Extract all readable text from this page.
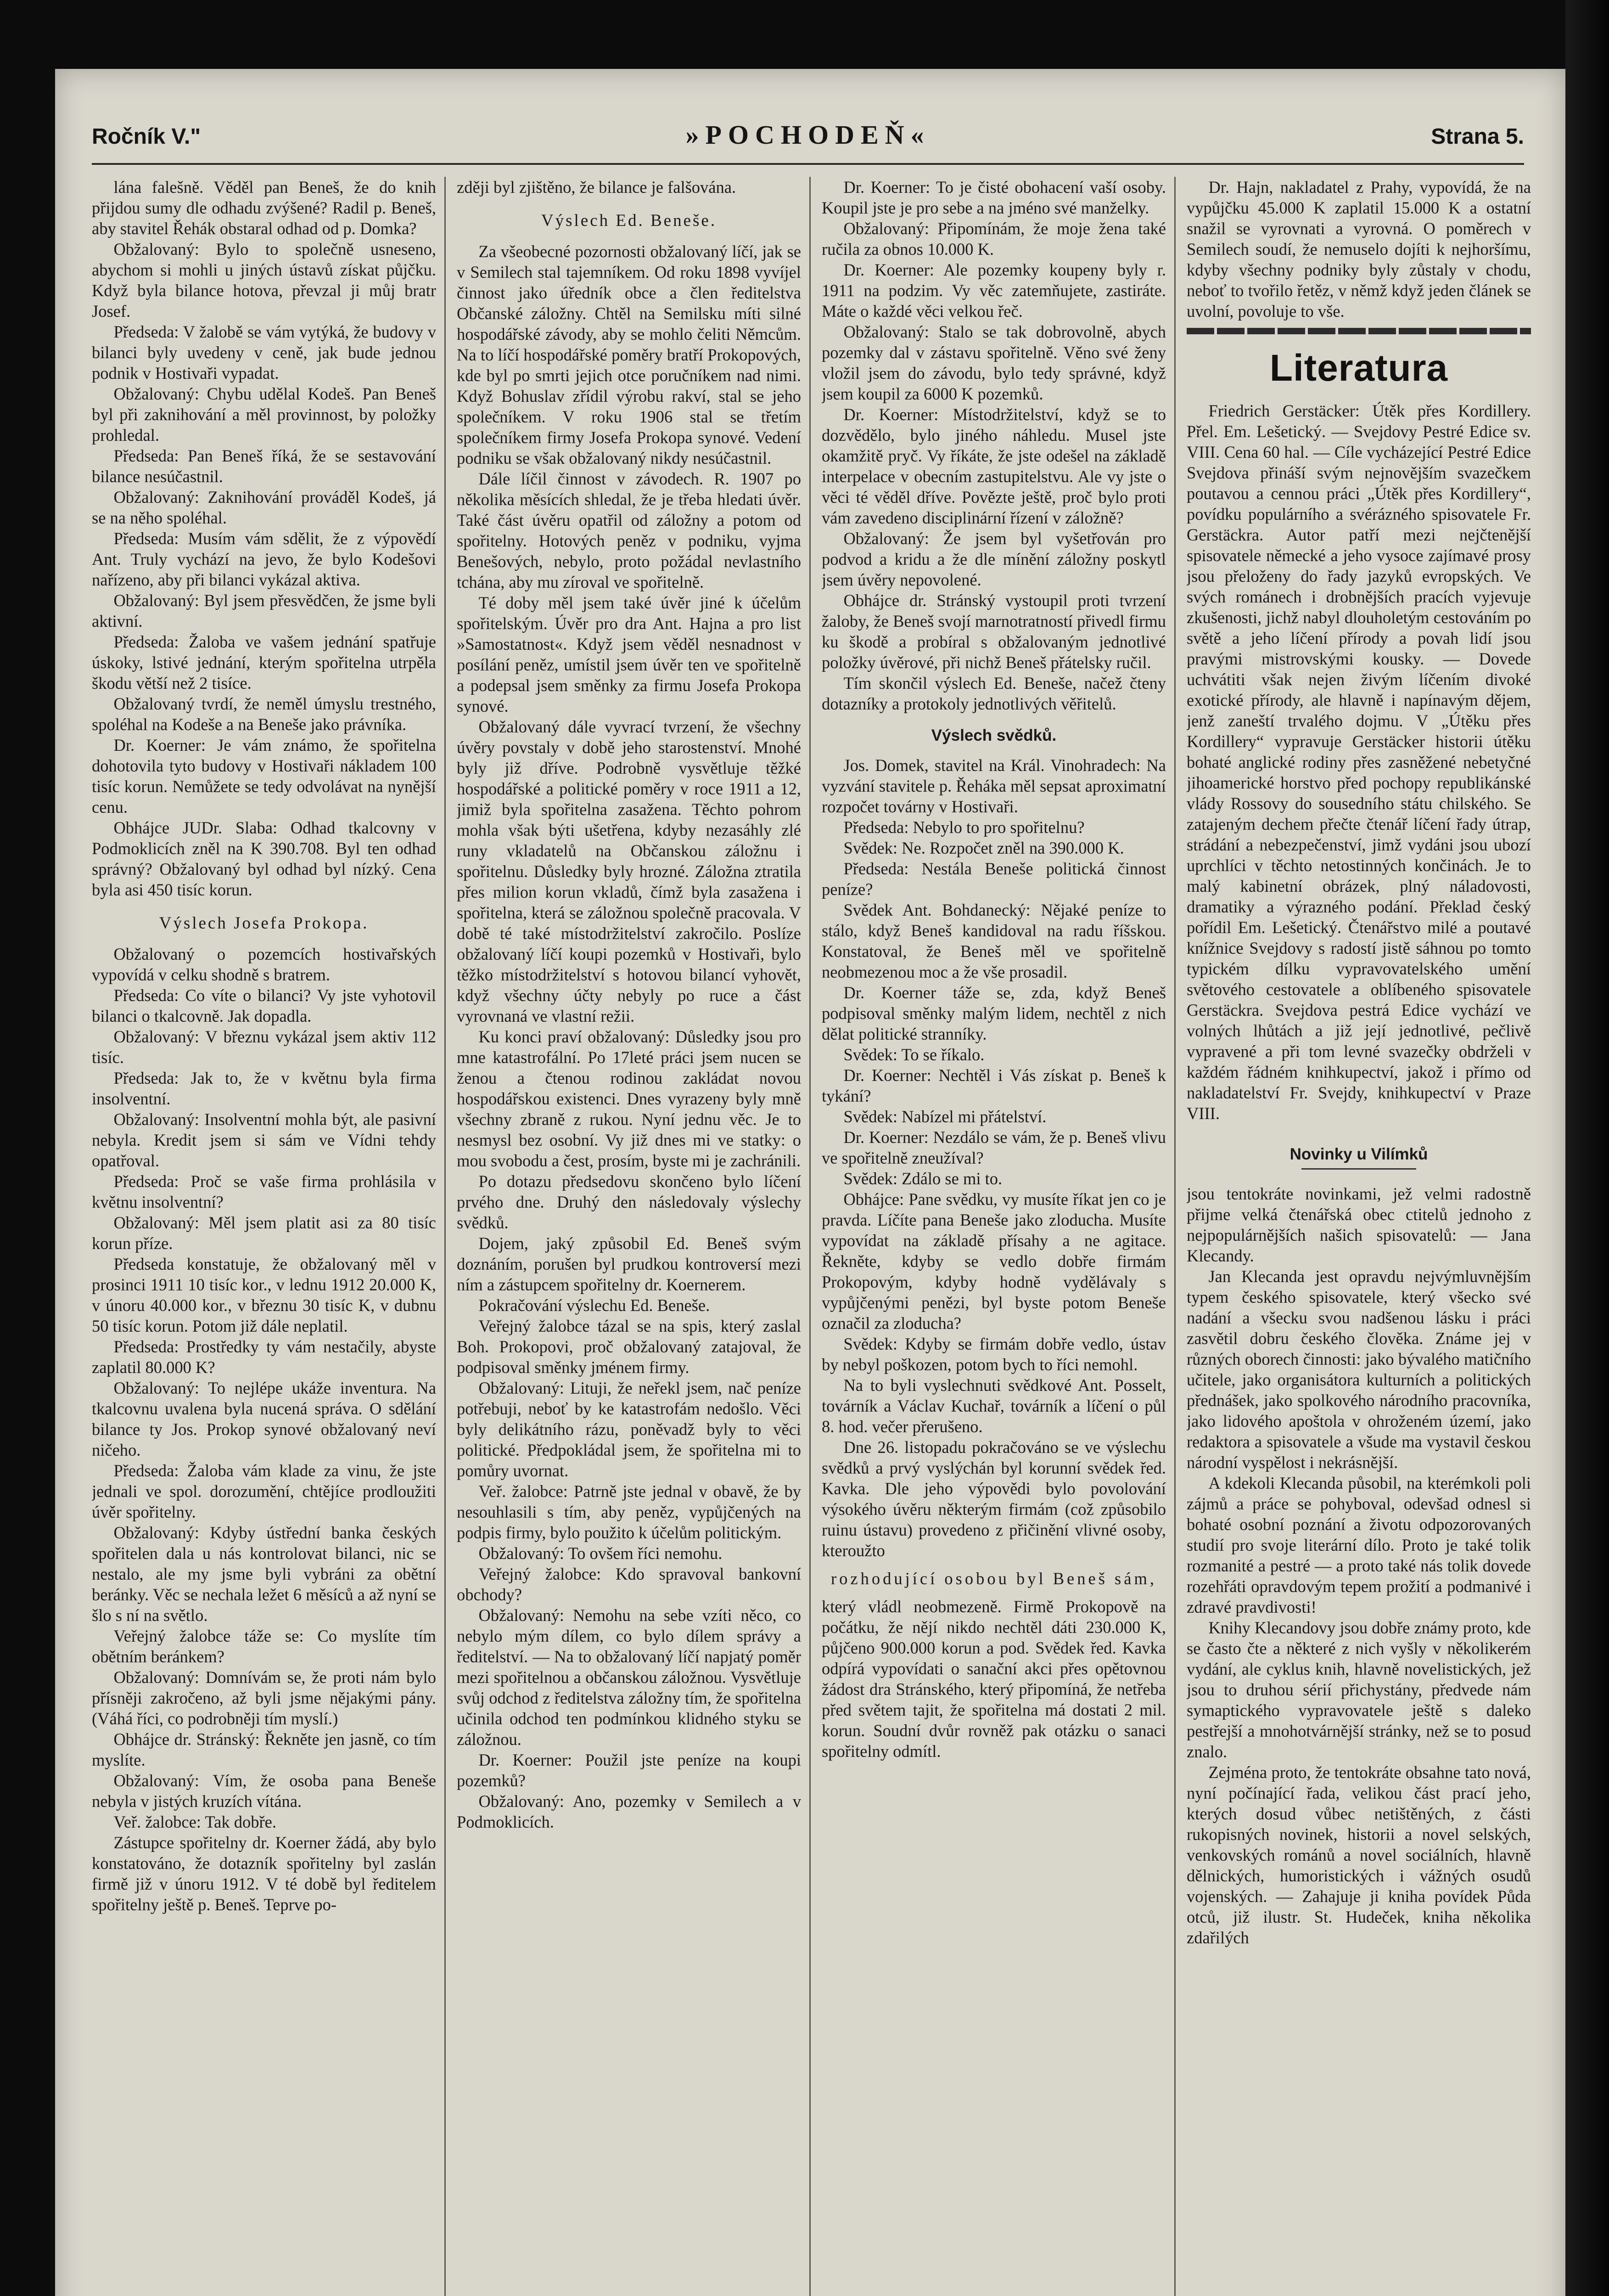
Ročník V."	»POCHODEŇ«	Strana 5.

lána falešně. Věděl pan Beneš, že do knih přijdou sumy dle odhadu zvýšené? Radil p. Beneš, aby stavitel Řehák obstaral odhad od p. Domka?

Obžalovaný: Bylo to společně usneseno, abychom si mohli u jiných ústavů získat půjčku. Když byla bilance hotova, převzal ji můj bratr Josef.

Předseda: V žalobě se vám vytýká, že budovy v bilanci byly uvedeny v ceně, jak bude jednou podnik v Hostivaři vypadat.

Obžalovaný: Chybu udělal Kodeš. Pan Beneš byl při zaknihování a měl provinnost, by položky prohledal.

Předseda: Pan Beneš říká, že se sestavování bilance nesúčastnil.

Obžalovaný: Zaknihování prováděl Kodeš, já se na něho spoléhal.

Předseda: Musím vám sdělit, že z výpovědí Ant. Truly vychází na jevo, že bylo Kodešovi nařízeno, aby při bilanci vykázal aktiva.

Obžalovaný: Byl jsem přesvědčen, že jsme byli aktivní.

Předseda: Žaloba ve vašem jednání spatřuje úskoky, lstivé jednání, kterým spořitelna utrpěla škodu větší než 2 tisíce.

Obžalovaný tvrdí, že neměl úmyslu trestného, spoléhal na Kodeše a na Beneše jako právníka.

Dr. Koerner: Je vám známo, že spořitelna dohotovila tyto budovy v Hostivaři nákladem 100 tisíc korun. Nemůžete se tedy odvolávat na nynější cenu.

Obhájce JUDr. Slaba: Odhad tkalcovny v Podmoklicích zněl na K 390.708. Byl ten odhad správný? Obžalovaný byl odhad byl nízký. Cena byla asi 450 tisíc korun.

Výslech Josefa Prokopa.

Obžalovaný o pozemcích hostivařských vypovídá v celku shodně s bratrem.

Předseda: Co víte o bilanci? Vy jste vyhotovil bilanci o tkalcovně. Jak dopadla.

Obžalovaný: V březnu vykázal jsem aktiv 112 tisíc.

Předseda: Jak to, že v květnu byla firma insolventní.

Obžalovaný: Insolventní mohla být, ale pasivní nebyla. Kredit jsem si sám ve Vídni tehdy opatřoval.

Předseda: Proč se vaše firma prohlásila v květnu insolventní?

Obžalovaný: Měl jsem platit asi za 80 tisíc korun příze.

Předseda konstatuje, že obžalovaný měl v prosinci 1911 10 tisíc kor., v lednu 1912 20.000 K, v únoru 40.000 kor., v březnu 30 tisíc K, v dubnu 50 tisíc korun. Potom již dále neplatil.

Předseda: Prostředky ty vám nestačily, abyste zaplatil 80.000 K?

Obžalovaný: To nejlépe ukáže inventura. Na tkalcovnu uvalena byla nucená správa. O sdělání bilance ty Jos. Prokop synové obžalovaný neví ničeho.

Předseda: Žaloba vám klade za vinu, že jste jednali ve spol. dorozumění, chtějíce prodloužiti úvěr spořitelny.

Obžalovaný: Kdyby ústřední banka českých spořitelen dala u nás kontrolovat bilanci, nic se nestalo, ale my jsme byli vybráni za obětní beránky. Věc se nechala ležet 6 měsíců a až nyní se šlo s ní na světlo.

Veřejný žalobce táže se: Co myslíte tím obětním beránkem?

Obžalovaný: Domnívám se, že proti nám bylo přísněji zakročeno, až byli jsme nějakými pány. (Váhá říci, co podrobněji tím myslí.)

Obhájce dr. Stránský: Řekněte jen jasně, co tím myslíte.

Obžalovaný: Vím, že osoba pana Beneše nebyla v jistých kruzích vítána.

Veř. žalobce: Tak dobře.

Zástupce spořitelny dr. Koerner žádá, aby bylo konstatováno, že dotazník spořitelny byl zaslán firmě již v únoru 1912. V té době byl ředitelem spořitelny ještě p. Beneš. Teprve po-

zději byl zjištěno, že bilance je falšována.

Výslech Ed. Beneše.

Za všeobecné pozornosti obžalovaný líčí, jak se v Semilech stal tajemníkem. Od roku 1898 vyvíjel činnost jako úředník obce a člen ředitelstva Občanské záložny. Chtěl na Semilsku míti silné hospodářské závody, aby se mohlo čeliti Němcům. Na to líčí hospodářské poměry bratří Prokopových, kde byl po smrti jejich otce poručníkem nad nimi. Když Bohuslav zřídil výrobu rakví, stal se jeho společníkem. V roku 1906 stal se třetím společníkem firmy Josefa Prokopa synové. Vedení podniku se však obžalovaný nikdy nesúčastnil.

Dále líčil činnost v závodech. R. 1907 po několika měsících shledal, že je třeba hledati úvěr. Také část úvěru opatřil od záložny a potom od spořitelny. Hotových peněz v podniku, vyjma Benešových, nebylo, proto požádal nevlastního tchána, aby mu zíroval ve spořitelně.

Té doby měl jsem také úvěr jiné k účelům spořitelským. Úvěr pro dra Ant. Hajna a pro list »Samostatnost«. Když jsem věděl nesnadnost v posílání peněz, umístil jsem úvěr ten ve spořitelně a podepsal jsem směnky za firmu Josefa Prokopa synové.

Obžalovaný dále vyvrací tvrzení, že všechny úvěry povstaly v době jeho starostenství. Mnohé byly již dříve. Podrobně vysvětluje těžké hospodářské a politické poměry v roce 1911 a 12, jimiž byla spořitelna zasažena. Těchto pohrom mohla však býti ušetřena, kdyby nezasáhly zlé runy vkladatelů na Občanskou záložnu i spořitelnu. Důsledky byly hrozné. Záložna ztratila přes milion korun vkladů, čímž byla zasažena i spořitelna, která se záložnou společně pracovala. V době té také místodržitelství zakročilo. Poslíze obžalovaný líčí koupi pozemků v Hostivaři, bylo těžko místodržitelství s hotovou bilancí vyhovět, když všechny účty nebyly po ruce a část vyrovnaná ve vlastní režii.

Ku konci praví obžalovaný: Důsledky jsou pro mne katastrofální. Po 17leté práci jsem nucen se ženou a čtenou rodinou zakládat novou hospodářskou existenci. Dnes vyrazeny byly mně všechny zbraně z rukou. Nyní jednu věc. Je to nesmysl bez osobní. Vy již dnes mi ve statky: o mou svobodu a čest, prosím, byste mi je zachránili.

Po dotazu předsedovu skončeno bylo líčení prvého dne. Druhý den následovaly výslechy svědků.

Dojem, jaký způsobil Ed. Beneš svým doznáním, porušen byl prudkou kontroversí mezi ním a zástupcem spořitelny dr. Koernerem.

Pokračování výslechu Ed. Beneše.

Veřejný žalobce tázal se na spis, který zaslal Boh. Prokopovi, proč obžalovaný zatajoval, že podpisoval směnky jménem firmy.

Obžalovaný: Lituji, že neřekl jsem, nač peníze potřebuji, neboť by ke katastrofám nedošlo. Věci byly delikátního rázu, poněvadž byly to věci politické. Předpokládal jsem, že spořitelna mi to pomůry uvornat.

Veř. žalobce: Patrně jste jednal v obavě, že by nesouhlasili s tím, aby peněz, vypůjčených na podpis firmy, bylo použito k účelům politickým.

Obžalovaný: To ovšem říci nemohu.

Veřejný žalobce: Kdo spravoval bankovní obchody?

Obžalovaný: Nemohu na sebe vzíti něco, co nebylo mým dílem, co bylo dílem správy a ředitelství. — Na to obžalovaný líčí napjatý poměr mezi spořitelnou a občanskou záložnou. Vysvětluje svůj odchod z ředitelstva záložny tím, že spořitelna učinila odchod ten podmínkou klidného styku se záložnou.

Dr. Koerner: Použil jste peníze na koupi pozemků?

Obžalovaný: Ano, pozemky v Semilech a v Podmoklicích.

Dr. Koerner: To je čisté obohacení vaší osoby. Koupil jste je pro sebe a na jméno své manželky.

Obžalovaný: Připomínám, že moje žena také ručila za obnos 10.000 K.

Dr. Koerner: Ale pozemky koupeny byly r. 1911 na podzim. Vy věc zatemňujete, zastiráte. Máte o každé věci velkou řeč.

Obžalovaný: Stalo se tak dobrovolně, abych pozemky dal v zástavu spořitelně. Věno své ženy vložil jsem do závodu, bylo tedy správné, když jsem koupil za 6000 K pozemků.

Dr. Koerner: Místodržitelství, když se to dozvědělo, bylo jiného náhledu. Musel jste okamžitě pryč. Vy říkáte, že jste odešel na základě interpelace v obecním zastupitelstvu. Ale vy jste o věci té věděl dříve. Povězte ještě, proč bylo proti vám zavedeno disciplinární řízení v záložně?

Obžalovaný: Že jsem byl vyšetřován pro podvod a kridu a že dle mínění záložny poskytl jsem úvěry nepovolené.

Obhájce dr. Stránský vystoupil proti tvrzení žaloby, že Beneš svojí marnotratností přivedl firmu ku škodě a probíral s obžalovaným jednotlivé položky úvěrové, při nichž Beneš přátelsky ručil.

Tím skončil výslech Ed. Beneše, načež čteny dotazníky a protokoly jednotlivých věřitelů.

Výslech svědků.

Jos. Domek, stavitel na Král. Vinohradech: Na vyzvání stavitele p. Řeháka měl sepsat aproximatní rozpočet továrny v Hostivaři.

Předseda: Nebylo to pro spořitelnu?

Svědek: Ne. Rozpočet zněl na 390.000 K.

Předseda: Nestála Beneše politická činnost peníze?

Svědek Ant. Bohdanecký: Nějaké peníze to stálo, když Beneš kandidoval na radu říšskou. Konstatoval, že Beneš měl ve spořitelně neobmezenou moc a že vše prosadil.

Dr. Koerner táže se, zda, když Beneš podpisoval směnky malým lidem, nechtěl z nich dělat politické stranníky.

Svědek: To se říkalo.

Dr. Koerner: Nechtěl i Vás získat p. Beneš k tykání?

Svědek: Nabízel mi přátelství.

Dr. Koerner: Nezdálo se vám, že p. Beneš vlivu ve spořitelně zneužíval?

Svědek: Zdálo se mi to.

Obhájce: Pane svědku, vy musíte říkat jen co je pravda. Líčíte pana Beneše jako zloducha. Musíte vypovídat na základě přísahy a ne agitace. Řekněte, kdyby se vedlo dobře firmám Prokopovým, kdyby hodně vydělávaly s vypůjčenými penězi, byl byste potom Beneše označil za zloducha?

Svědek: Kdyby se firmám dobře vedlo, ústav by nebyl poškozen, potom bych to říci nemohl.

Na to byli vyslechnuti svědkové Ant. Posselt, továrník a Václav Kuchař, továrník a líčení o půl 8. hod. večer přerušeno.

Dne 26. listopadu pokračováno se ve výslechu svědků a prvý vyslýchán byl korunní svědek řed. Kavka. Dle jeho výpovědi bylo povolování výsokého úvěru některým firmám (což způsobilo ruinu ústavu) provedeno z přičinění vlivné osoby, kteroužto

rozhodující osobou byl Beneš sám,

který vládl neobmezeně. Firmě Prokopově na počátku, že nějí nikdo nechtěl dáti 230.000 K, půjčeno 900.000 korun a pod. Svědek řed. Kavka odpírá vypovídati o sanační akci přes opětovnou žádost dra Stránského, který připomíná, že netřeba před světem tajit, že spořitelna má dostati 2 mil. korun. Soudní dvůr rovněž pak otázku o sanaci spořitelny odmítl.

Dr. Hajn, nakladatel z Prahy, vypovídá, že na vypůjčku 45.000 K zaplatil 15.000 K a ostatní snažil se vyrovnati a vyrovná. O poměrech v Semilech soudí, že nemuselo dojíti k nejhoršímu, kdyby všechny podniky byly zůstaly v chodu, neboť to tvořilo řetěz, v němž když jeden článek se uvolní, povoluje to vše.

Literatura

Friedrich Gerstäcker: Útěk přes Kordillery. Přel. Em. Lešetický. — Svejdovy Pestré Edice sv. VIII. Cena 60 hal. — Cíle vycházející Pestré Edice Svejdova přináší svým nejnovějším svazečkem poutavou a cennou práci „Útěk přes Kordillery“, povídku populárního a svérázného spisovatele Fr. Gerstäckra. Autor patří mezi nejčtenější spisovatele německé a jeho vysoce zajímavé prosy jsou přeloženy do řady jazyků evropských. Ve svých románech i drobnějších pracích vyjevuje zkušenosti, jichž nabyl dlouholetým cestováním po světě a jeho líčení přírody a povah lidí jsou pravými mistrovskými kousky. — Dovede uchvátiti však nejen živým líčením divoké exotické přírody, ale hlavně i napínavým dějem, jenž zaneští trvalého dojmu. V „Útěku přes Kordillery“ vypravuje Gerstäcker historii útěku bohaté anglické rodiny přes zasněžené nebetyčné jihoamerické horstvo před pochopy republikánské vlády Rossovy do sousedního státu chilského. Se zatajeným dechem přečte čtenář líčení řady útrap, strádání a nebezpečenství, jimž vydáni jsou ubozí uprchlíci v těchto netostinných končinách. Je to malý kabinetní obrázek, plný náladovosti, dramatiky a výrazného podání. Překlad český pořídil Em. Lešetický. Čtenářstvo milé a poutavé knížnice Svejdovy s radostí jistě sáhnou po tomto typickém dílku vypravovatelského umění světového cestovatele a oblíbeného spisovatele Gerstäckra. Svejdova pestrá Edice vychází ve volných lhůtách a již její jednotlivé, pečlivě vypravené a při tom levné svazečky obdrželi v každém řádném knihkupectví, jakož i přímo od nakladatelství Fr. Svejdy, knihkupectví v Praze VIII.

Novinky u Vilímků

jsou tentokráte novinkami, jež velmi radostně přijme velká čtenářská obec ctitelů jednoho z nejpopulárnějších našich spisovatelů: — Jana Klecandy.

Jan Klecanda jest opravdu nejvýmluvnějším typem českého spisovatele, který všecko své nadání a všecku svou nadšenou lásku i práci zasvětil dobru českého člověka. Známe jej v různých oborech činnosti: jako bývalého matičního učitele, jako organisátora kulturních a politických přednášek, jako spolkového národního pracovníka, jako lidového apoštola v ohroženém území, jako redaktora a spisovatele a všude ma vystavil českou národní vyspělost i nekrásnější.

A kdekoli Klecanda působil, na kterémkoli poli zájmů a práce se pohyboval, odevšad odnesl si bohaté osobní poznání a životu odpozorovaných studií pro svoje literární dílo. Proto je také tolik rozmanité a pestré — a proto také nás tolik dovede rozehřáti opravdovým tepem prožití a podmanivé i zdravé pravdivosti!

Knihy Klecandovy jsou dobře známy proto, kde se často čte a některé z nich vyšly v několikerém vydání, ale cyklus knih, hlavně novelistických, jež jsou to druhou sérií přichystány, předvede nám symaptického vypravovatele ještě s daleko pestřejší a mnohotvárnější stránky, než se to posud znalo.

Zejména proto, že tentokráte obsahne tato nová, nyní počínající řada, velikou část prací jeho, kterých dosud vůbec netištěných, z části rukopisných novinek, historii a novel selských, venkovských románů a novel sociálních, hlavně dělnických, humoristických i vážných osudů vojenských. — Zahajuje ji kniha povídek Půda otců, již ilustr. St. Hudeček, kniha několika zdařilých
